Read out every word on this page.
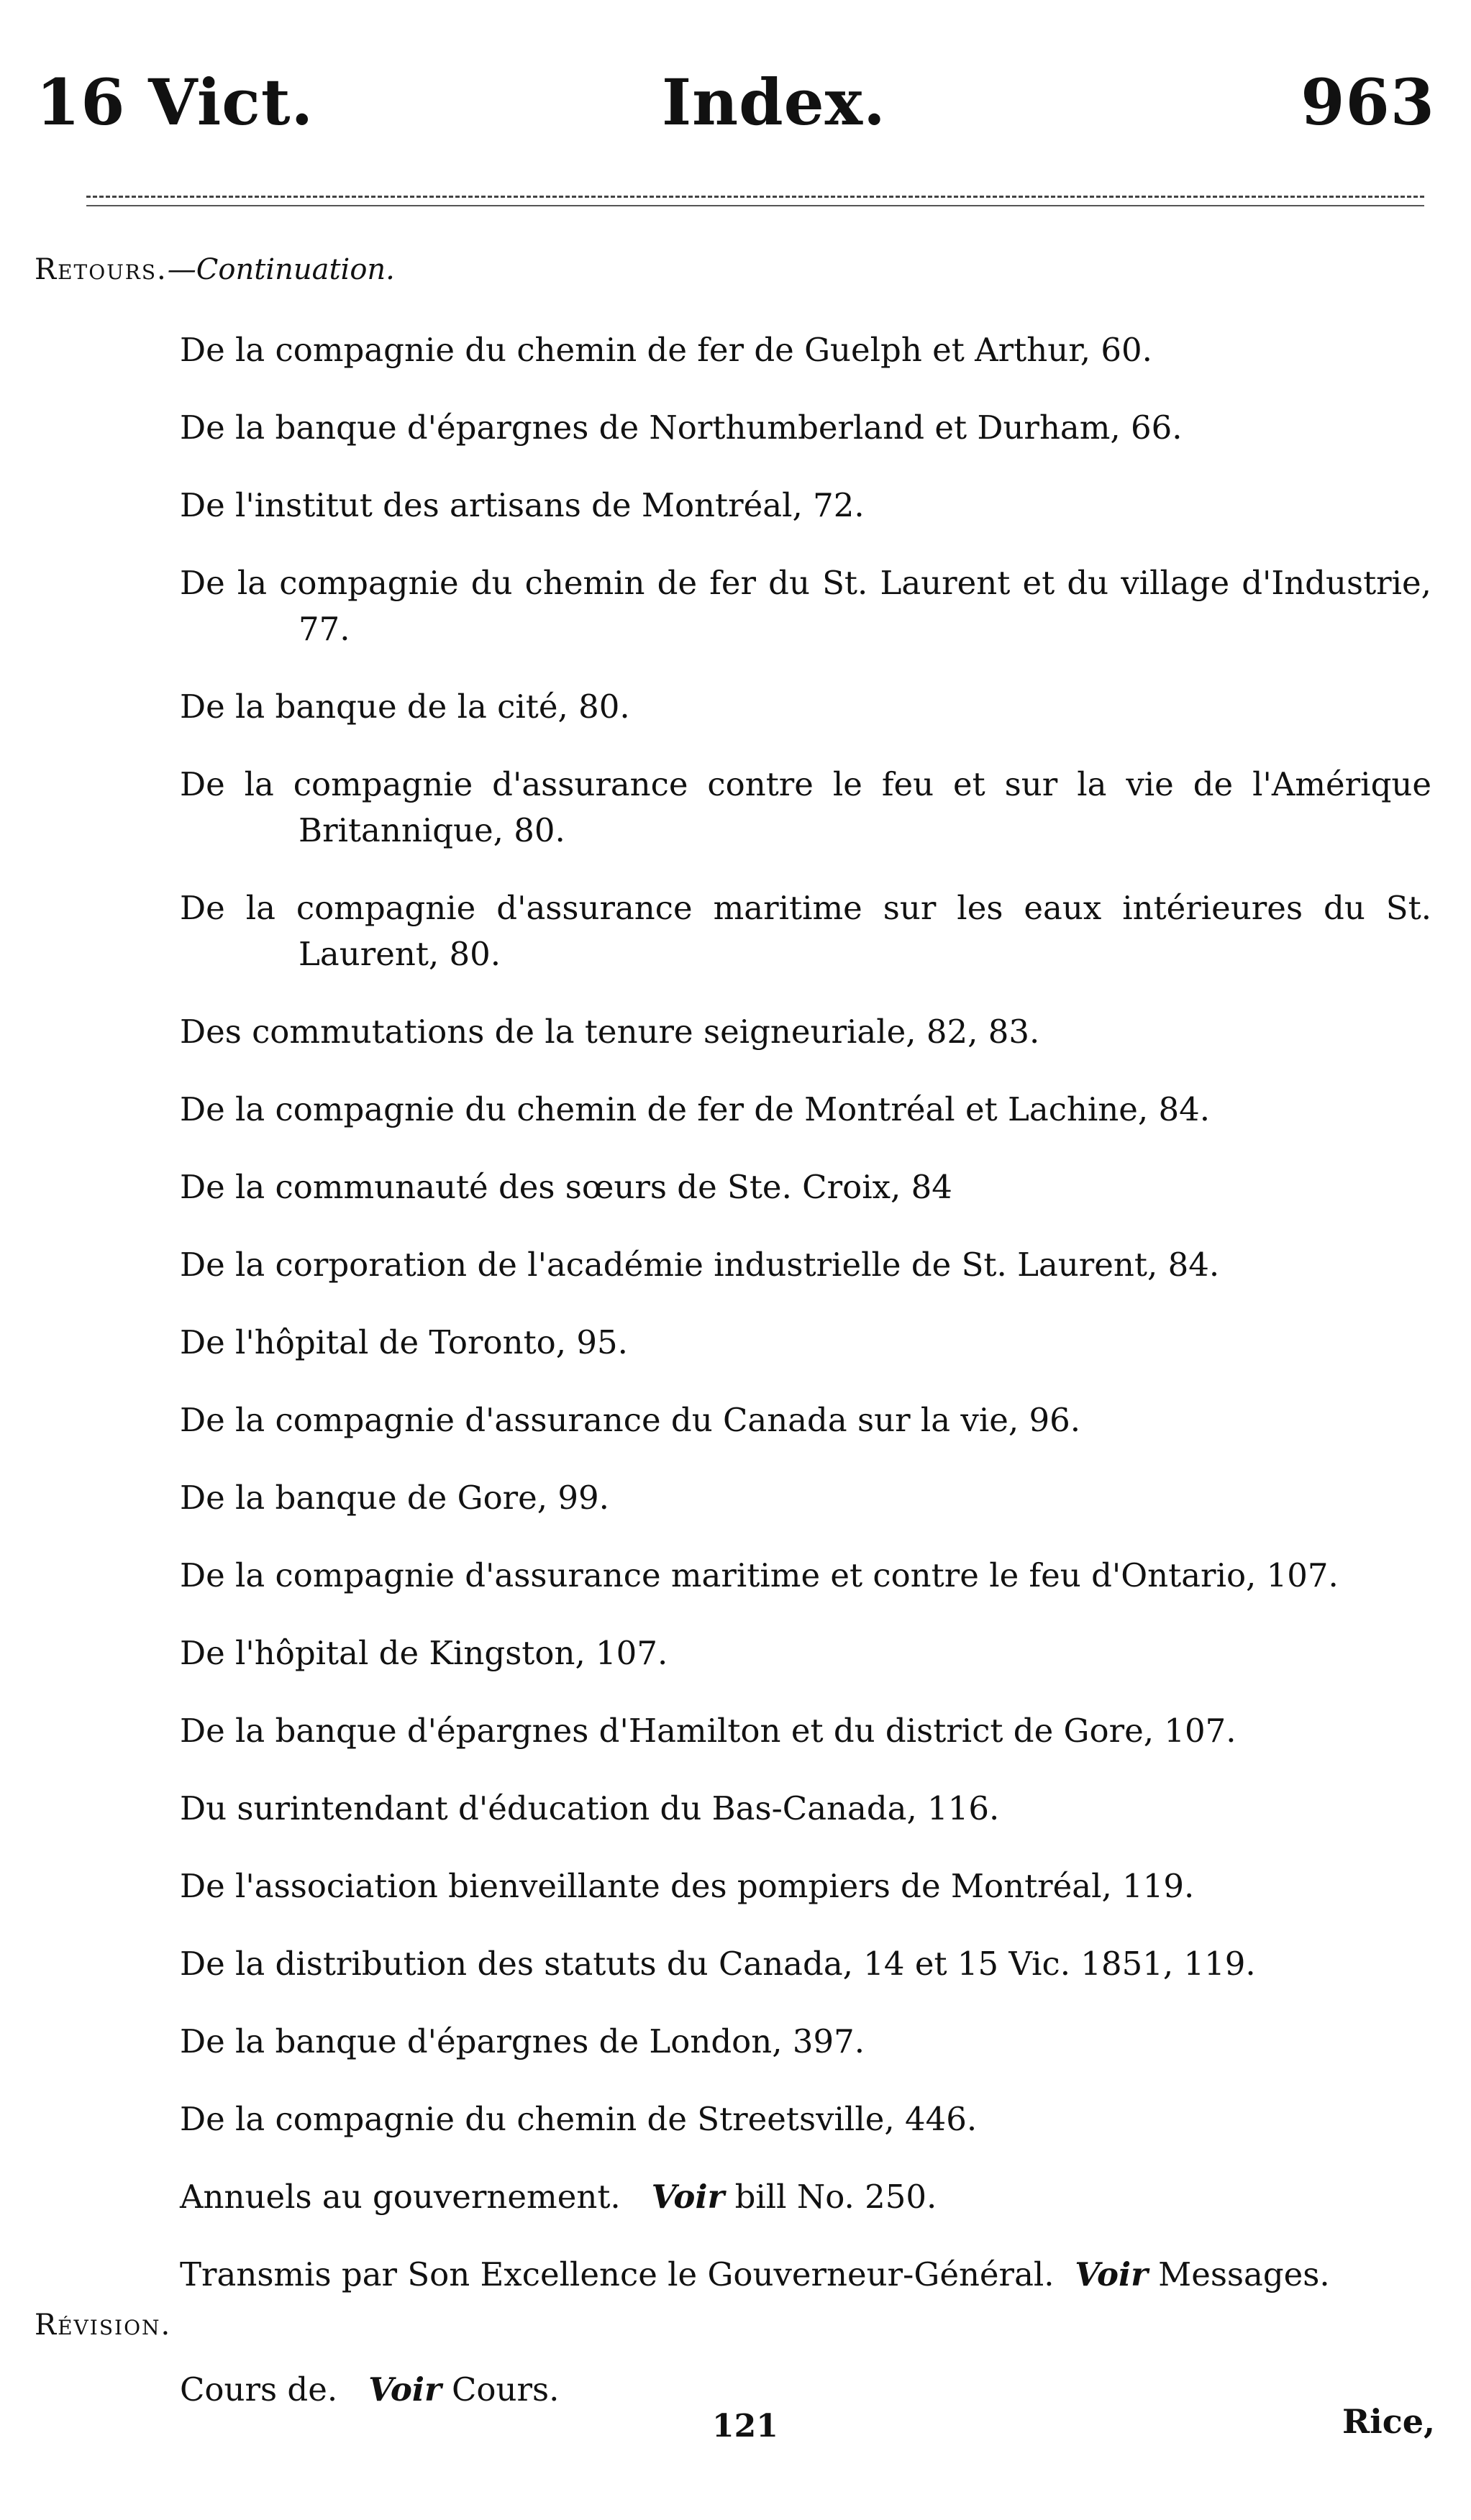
16 Vict.	Index.	963
Retours.—Continuation.
De la compagnie du chemin de fer de Guelph et Arthur, 60.
De la banque d'épargnes de Northumberland et Durham, 66.
De l'institut des artisans de Montréal, 72.
De la compagnie du chemin de fer du St. Laurent et du village d'Industrie, 77.
De la banque de la cité, 80.
De la compagnie d'assurance contre le feu et sur la vie de l'Amérique Britannique, 80.
De la compagnie d'assurance maritime sur les eaux intérieures du St. Laurent, 80.
Des commutations de la tenure seigneuriale, 82, 83.
De la compagnie du chemin de fer de Montréal et Lachine, 84.
De la communauté des sœurs de Ste. Croix, 84
De la corporation de l'académie industrielle de St. Laurent, 84.
De l'hôpital de Toronto, 95.
De la compagnie d'assurance du Canada sur la vie, 96.
De la banque de Gore, 99.
De la compagnie d'assurance maritime et contre le feu d'Ontario, 107.
De l'hôpital de Kingston, 107.
De la banque d'épargnes d'Hamilton et du district de Gore, 107.
Du surintendant d'éducation du Bas-Canada, 116.
De l'association bienveillante des pompiers de Montréal, 119.
De la distribution des statuts du Canada, 14 et 15 Vic. 1851, 119.
De la banque d'épargnes de London, 397.
De la compagnie du chemin de Streetsville, 446.
Annuels au gouvernement. Voir bill No. 250.
Transmis par Son Excellence le Gouverneur-Général. Voir Messages.
Révision.
Cours de. Voir Cours.
121	Rice,
